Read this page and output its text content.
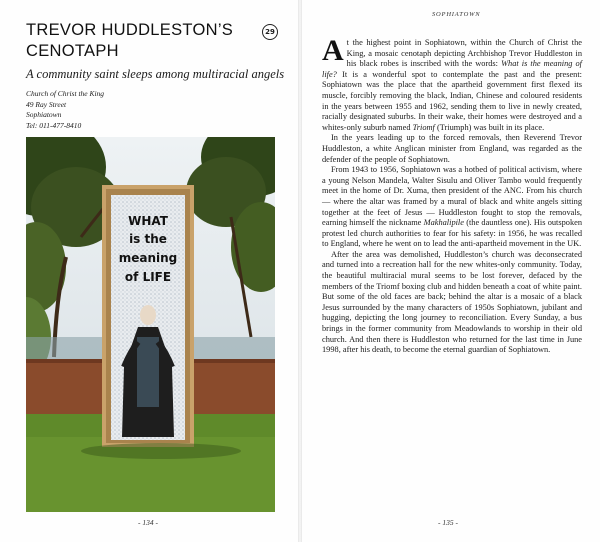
TREVOR HUDDLESTON’S CENOTAPH
29

A community saint sleeps among multiracial angels

Church of Christ the King
49 Ray Street
Sophiatown
Tel: 011-477-8410
WHAT
is the
meaning
of LIFE
- 134 -
SOPHIATOWN

At the highest point in Sophiatown, within the Church of Christ the King, a mosaic cenotaph depicting Archbishop Trevor Huddleston in his black robes is inscribed with the words: What is the meaning of life? It is a wonderful spot to contemplate the past and the present: Sophiatown was the place that the apartheid government first flexed its muscle, forcibly removing the black, Indian, Chinese and coloured residents in the years between 1955 and 1962, sending them to live in newly created, racially designated suburbs. In their wake, their homes were destroyed and a whites-only suburb named Triomf (Triumph) was built in its place.

In the years leading up to the forced removals, then Reverend Trevor Huddleston, a white Anglican minister from England, was regarded as the defender of the people of Sophiatown.

From 1943 to 1956, Sophiatown was a hotbed of political activism, where a young Nelson Mandela, Walter Sisulu and Oliver Tambo would frequently meet in the home of Dr. Xuma, then president of the ANC. From his church — where the altar was framed by a mural of black and white angels sitting together at the feet of Jesus — Huddleston fought to stop the removals, earning himself the nickname Makhalipile (the dauntless one). His outspoken protest led church authorities to fear for his safety: in 1956, he was recalled to England, where he went on to lead the anti-apartheid movement in the UK.

After the area was demolished, Huddleston’s church was deconsecrated and turned into a recreation hall for the new whites-only community. Today, the beautiful multiracial mural seems to be lost forever, defaced by the members of the Triomf boxing club and hidden beneath a coat of white paint. But some of the old faces are back; behind the altar is a mosaic of a black Jesus surrounded by the many characters of 1950s Sophiatown, jubilant and hugging, depicting the long journey to reconciliation. Every Sunday, a bus brings in the former community from Meadowlands to worship in their old church. And then there is Huddleston who returned for the last time in June 1998, after his death, to become the eternal guardian of Sophiatown.

- 135 -
